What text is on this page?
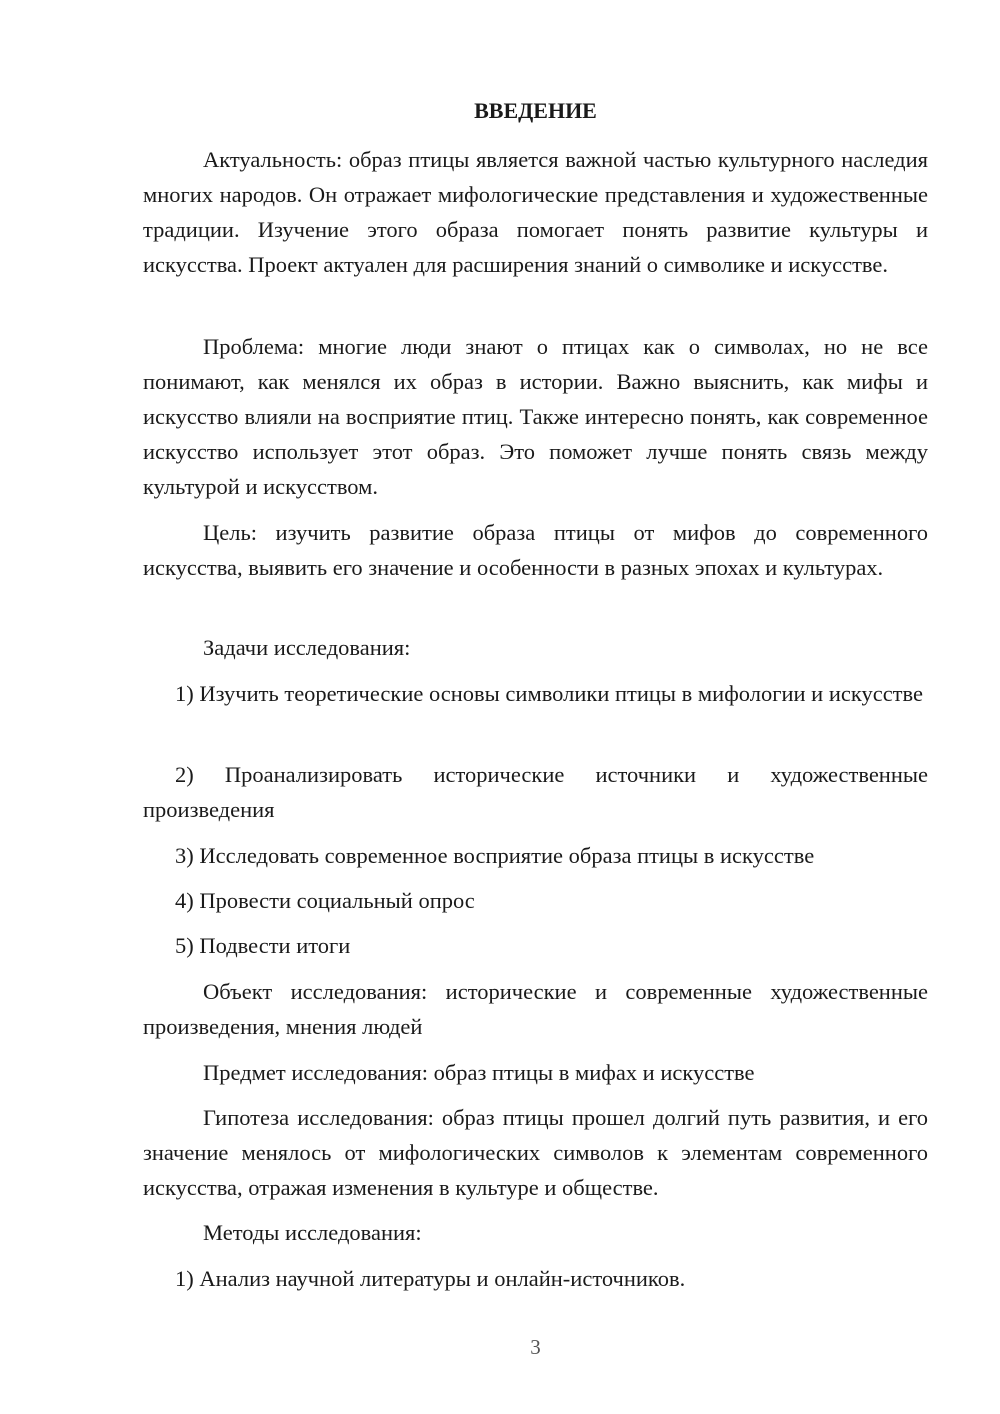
ВВЕДЕНИЕ

Актуальность: образ птицы является важной частью культурного наследия многих народов. Он отражает мифологические представления и художественные традиции. Изучение этого образа помогает понять развитие культуры и искусства. Проект актуален для расширения знаний о символике и искусстве.

Проблема: многие люди знают о птицах как о символах, но не все понимают, как менялся их образ в истории. Важно выяснить, как мифы и искусство влияли на восприятие птиц. Также интересно понять, как современное искусство использует этот образ. Это поможет лучше понять связь между культурой и искусством.

Цель: изучить развитие образа птицы от мифов до современного искусства, выявить его значение и особенности в разных эпохах и культурах.

Задачи исследования:

1) Изучить теоретические основы символики птицы в мифологии и искусстве

2) Проанализировать исторические источники и художественные произведения

3) Исследовать современное восприятие образа птицы в искусстве

4) Провести социальный опрос

5) Подвести итоги

Объект исследования: исторические и современные художественные произведения, мнения людей

Предмет исследования: образ птицы в мифах и искусстве

Гипотеза исследования: образ птицы прошел долгий путь развития, и его значение менялось от мифологических символов к элементам современного искусства, отражая изменения в культуре и обществе.

Методы исследования:

1) Анализ научной литературы и онлайн-источников.

3
